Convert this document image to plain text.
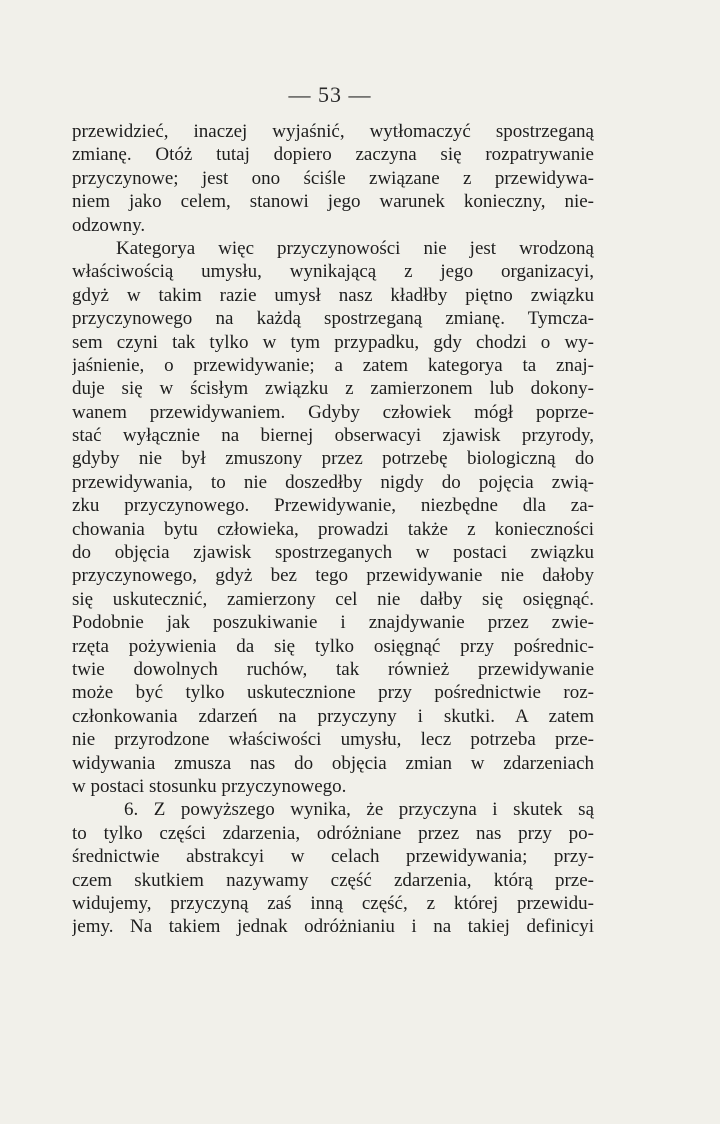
— 53 —
przewidzieć, inaczej wyjaśnić, wytłomaczyć spostrzeganą
zmianę. Otóż tutaj dopiero zaczyna się rozpatrywanie
przyczynowe; jest ono ściśle związane z przewidywa-
niem jako celem, stanowi jego warunek konieczny, nie-
odzowny.
Kategorya więc przyczynowości nie jest wrodzoną
właściwością umysłu, wynikającą z jego organizacyi,
gdyż w takim razie umysł nasz kładłby piętno związku
przyczynowego na każdą spostrzeganą zmianę. Tymcza-
sem czyni tak tylko w tym przypadku, gdy chodzi o wy-
jaśnienie, o przewidywanie; a zatem kategorya ta znaj-
duje się w ścisłym związku z zamierzonem lub dokony-
wanem przewidywaniem. Gdyby człowiek mógł poprze-
stać wyłącznie na biernej obserwacyi zjawisk przyrody,
gdyby nie był zmuszony przez potrzebę biologiczną do
przewidywania, to nie doszedłby nigdy do pojęcia zwią-
zku przyczynowego. Przewidywanie, niezbędne dla za-
chowania bytu człowieka, prowadzi także z konieczności
do objęcia zjawisk spostrzeganych w postaci związku
przyczynowego, gdyż bez tego przewidywanie nie dałoby
się uskutecznić, zamierzony cel nie dałby się osięgnąć.
Podobnie jak poszukiwanie i znajdywanie przez zwie-
rzęta pożywienia da się tylko osięgnąć przy pośrednic-
twie dowolnych ruchów, tak również przewidywanie
może być tylko uskutecznione przy pośrednictwie roz-
członkowania zdarzeń na przyczyny i skutki. A zatem
nie przyrodzone właściwości umysłu, lecz potrzeba prze-
widywania zmusza nas do objęcia zmian w zdarzeniach
w postaci stosunku przyczynowego.
6. Z powyższego wynika, że przyczyna i skutek są
to tylko części zdarzenia, odróżniane przez nas przy po-
średnictwie abstrakcyi w celach przewidywania; przy-
czem skutkiem nazywamy część zdarzenia, którą prze-
widujemy, przyczyną zaś inną część, z której przewidu-
jemy. Na takiem jednak odróżnianiu i na takiej definicyi
